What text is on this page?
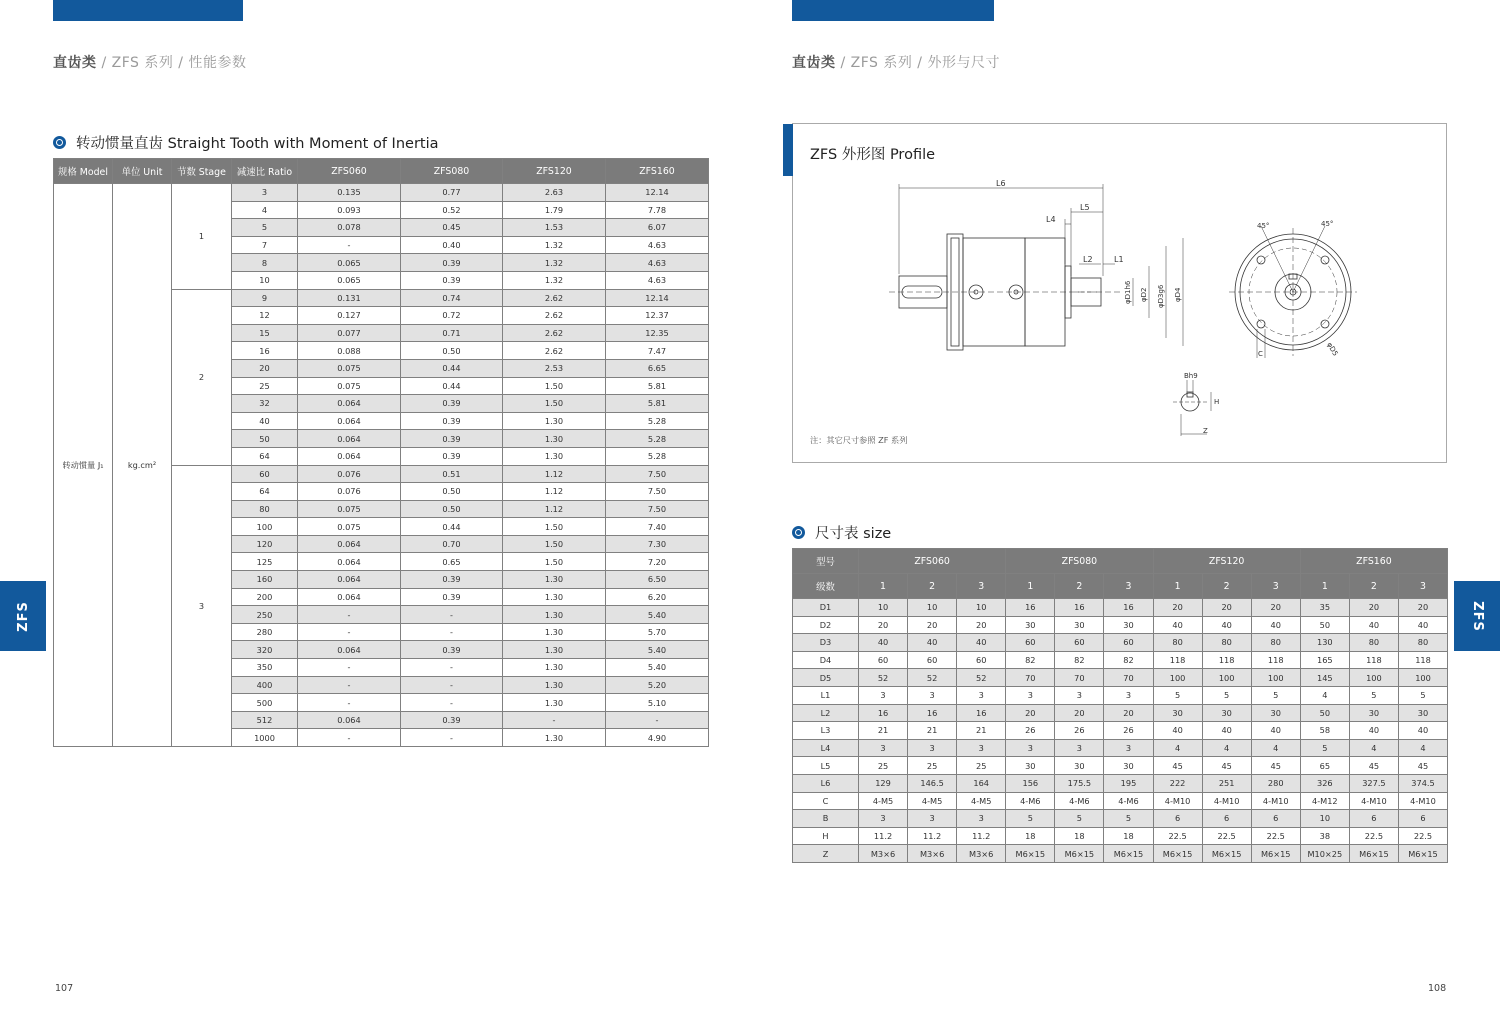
直齿类 / ZFS 系列 / 性能参数	直齿类 / ZFS 系列 / 外形与尺寸
转动惯量直齿 Straight Tooth with Moment of Inertia
规格 Model	单位 Unit	节数 Stage	减速比 Ratio	ZFS060	ZFS080	ZFS120	ZFS160
转动惯量 J₁	kg.cm²	1	3	0.135	0.77	2.63	12.14
			4	0.093	0.52	1.79	7.78
			5	0.078	0.45	1.53	6.07
			7	-	0.40	1.32	4.63
			8	0.065	0.39	1.32	4.63
			10	0.065	0.39	1.32	4.63
		2	9	0.131	0.74	2.62	12.14
			12	0.127	0.72	2.62	12.37
			15	0.077	0.71	2.62	12.35
			16	0.088	0.50	2.62	7.47
			20	0.075	0.44	2.53	6.65
			25	0.075	0.44	1.50	5.81
			32	0.064	0.39	1.50	5.81
			40	0.064	0.39	1.30	5.28
			50	0.064	0.39	1.30	5.28
			64	0.064	0.39	1.30	5.28
		3	60	0.076	0.51	1.12	7.50
			64	0.076	0.50	1.12	7.50
			80	0.075	0.50	1.12	7.50
			100	0.075	0.44	1.50	7.40
			120	0.064	0.70	1.50	7.30
			125	0.064	0.65	1.50	7.20
			160	0.064	0.39	1.30	6.50
			200	0.064	0.39	1.30	6.20
			250	-	-	1.30	5.40
			280	-	-	1.30	5.70
			320	0.064	0.39	1.30	5.40
			350	-	-	1.30	5.40
			400	-	-	1.30	5.20
			500	-	-	1.30	5.10
			512	0.064	0.39	-	-
			1000	-	-	1.30	4.90
ZFS	ZFS
107	108
ZFS 外形图 Profile
L6
L5
L4
L2	L1
φD1h6 φD2 φD3g6 φD4
45°	45°
φD5
C
Bh9
H
Z
注：其它尺寸参照 ZF 系列
尺寸表 size
型号	ZFS060			ZFS080			ZFS120			ZFS160		
级数	1	2	3	1	2	3	1	2	3	1	2	3
D1	10	10	10	16	16	16	20	20	20	35	20	20
D2	20	20	20	30	30	30	40	40	40	50	40	40
D3	40	40	40	60	60	60	80	80	80	130	80	80
D4	60	60	60	82	82	82	118	118	118	165	118	118
D5	52	52	52	70	70	70	100	100	100	145	100	100
L1	3	3	3	3	3	3	5	5	5	4	5	5
L2	16	16	16	20	20	20	30	30	30	50	30	30
L3	21	21	21	26	26	26	40	40	40	58	40	40
L4	3	3	3	3	3	3	4	4	4	5	4	4
L5	25	25	25	30	30	30	45	45	45	65	45	45
L6	129	146.5	164	156	175.5	195	222	251	280	326	327.5	374.5
C	4-M5	4-M5	4-M5	4-M6	4-M6	4-M6	4-M10	4-M10	4-M10	4-M12	4-M10	4-M10
B	3	3	3	5	5	5	6	6	6	10	6	6
H	11.2	11.2	11.2	18	18	18	22.5	22.5	22.5	38	22.5	22.5
Z	M3×6	M3×6	M3×6	M6×15	M6×15	M6×15	M6×15	M6×15	M6×15	M10×25	M6×15	M6×15
